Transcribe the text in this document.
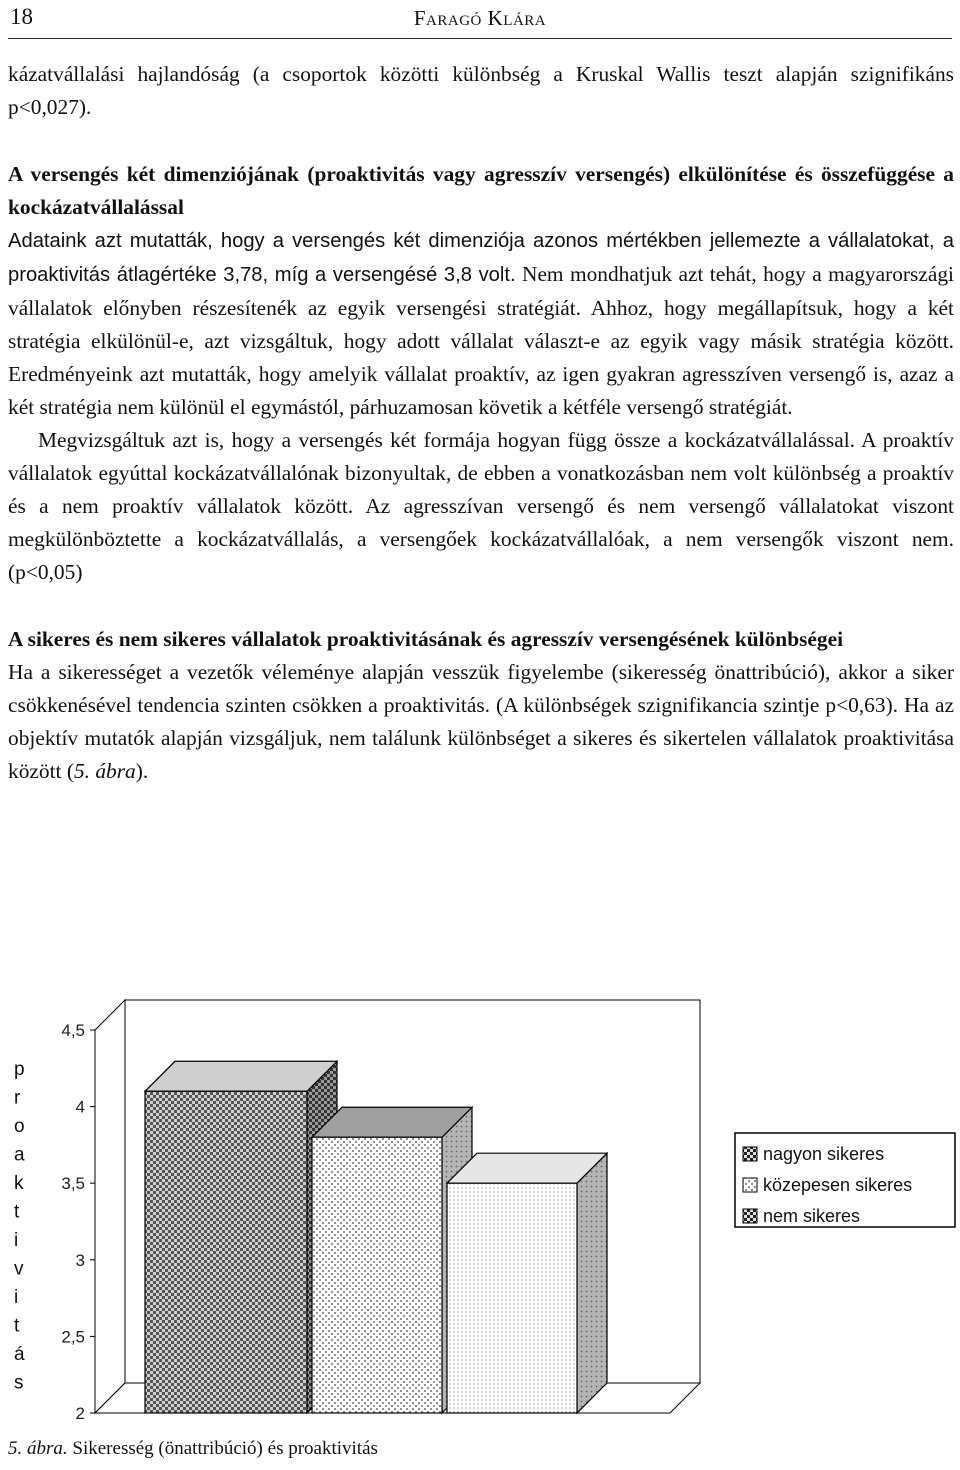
18	Faragó Klára

kázatvállalási hajlandóság (a csoportok közötti különbség a Kruskal Wallis teszt alapján szignifikáns p<0,027).

A versengés két dimenziójának (proaktivitás vagy agresszív versengés) elkülönítése és összefüggése a kockázatvállalással

Adataink azt mutatták, hogy a versengés két dimenziója azonos mértékben jellemezte a vállalatokat, a proaktivitás átlagértéke 3,78, míg a versengésé 3,8 volt. Nem mondhatjuk azt tehát, hogy a magyarországi vállalatok előnyben részesítenék az egyik versengési stratégiát. Ahhoz, hogy megállapítsuk, hogy a két stratégia elkülönül-e, azt vizsgáltuk, hogy adott vállalat választ-e az egyik vagy másik stratégia között. Eredményeink azt mutatták, hogy amelyik vállalat proaktív, az igen gyakran agresszíven versengő is, azaz a két stratégia nem különül el egymástól, párhuzamosan követik a kétféle versengő stratégiát.

Megvizsgáltuk azt is, hogy a versengés két formája hogyan függ össze a kockázatvállalással. A proaktív vállalatok egyúttal kockázatvállalónak bizonyultak, de ebben a vonatkozásban nem volt különbség a proaktív és a nem proaktív vállalatok között. Az agresszívan versengő és nem versengő vállalatokat viszont megkülönböztette a kockázatvállalás, a versengőek kockázatvállalóak, a nem versengők viszont nem. (p<0,05)

A sikeres és nem sikeres vállalatok proaktivitásának és agresszív versengésének különbségei

Ha a sikerességet a vezetők véleménye alapján vesszük figyelembe (sikeresség önattribúció), akkor a siker csökkenésével tendencia szinten csökken a proaktivitás. (A különbségek szignifikancia szintje p<0,63). Ha az objektív mutatók alapján vizsgáljuk, nem találunk különbséget a sikeres és sikertelen vállalatok proaktivitása között (5. ábra).

2
2,5
3
3,5
4
4,5
p
r
o
a
k
t
i
v
i
t
á
s
nagyon sikeres
közepesen sikeres
nem sikeres
5. ábra. Sikeresség (önattribúció) és proaktivitás
